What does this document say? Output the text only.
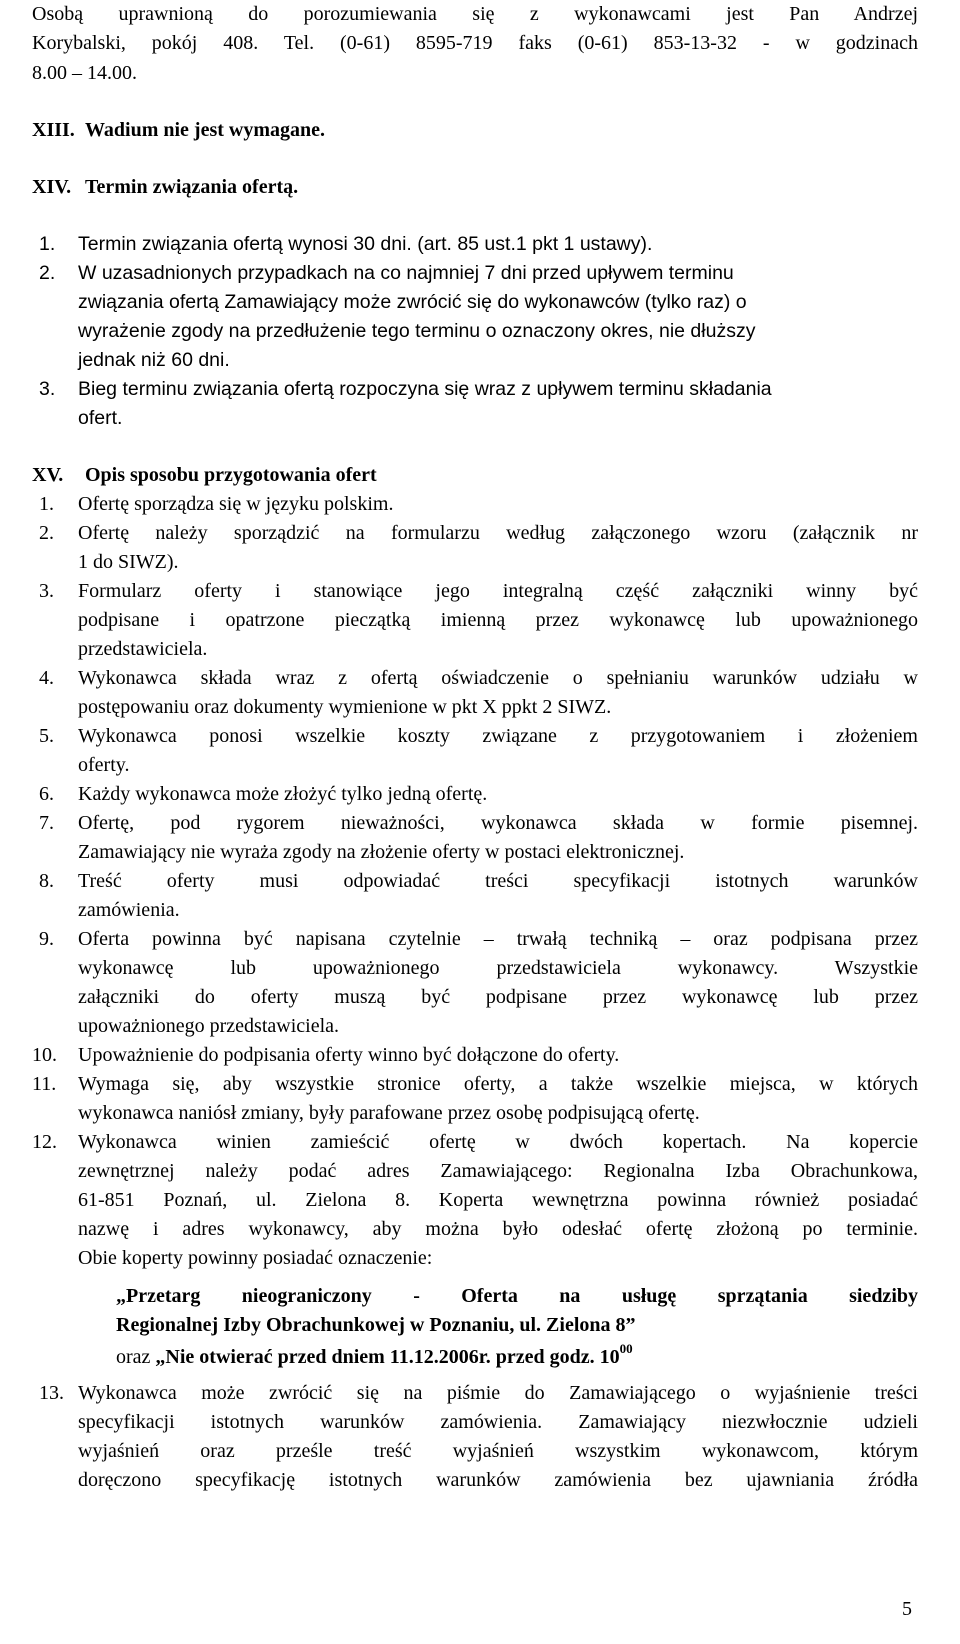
Osobą uprawnioną do porozumiewania się z wykonawcami jest Pan Andrzej
Korybalski, pokój 408. Tel. (0-61) 8595-719 faks (0-61) 853-13-32 - w godzinach
8.00 – 14.00.
XIII. Wadium nie jest wymagane.
XIV. Termin związania ofertą.
1. Termin związania ofertą wynosi 30 dni. (art. 85 ust.1 pkt 1 ustawy).
2. W uzasadnionych przypadkach na co najmniej 7 dni przed upływem terminu
związania ofertą Zamawiający może zwrócić się do wykonawców (tylko raz) o
wyrażenie zgody na przedłużenie tego terminu o oznaczony okres, nie dłuższy
jednak niż 60 dni.
3. Bieg terminu związania ofertą rozpoczyna się wraz z upływem terminu składania
ofert.
XV. Opis sposobu przygotowania ofert
1. Ofertę sporządza się w języku polskim.
2. Ofertę należy sporządzić na formularzu według załączonego wzoru (załącznik nr
1 do SIWZ).
3. Formularz oferty i stanowiące jego integralną część załączniki winny być
podpisane i opatrzone pieczątką imienną przez wykonawcę lub upoważnionego
przedstawiciela.
4. Wykonawca składa wraz z ofertą oświadczenie o spełnianiu warunków udziału w
postępowaniu oraz dokumenty wymienione w pkt X ppkt 2 SIWZ.
5. Wykonawca ponosi wszelkie koszty związane z przygotowaniem i złożeniem
oferty.
6. Każdy wykonawca może złożyć tylko jedną ofertę.
7. Ofertę, pod rygorem nieważności, wykonawca składa w formie pisemnej.
Zamawiający nie wyraża zgody na złożenie oferty w postaci elektronicznej.
8. Treść oferty musi odpowiadać treści specyfikacji istotnych warunków
zamówienia.
9. Oferta powinna być napisana czytelnie – trwałą techniką – oraz podpisana przez
wykonawcę lub upoważnionego przedstawiciela wykonawcy. Wszystkie
załączniki do oferty muszą być podpisane przez wykonawcę lub przez
upoważnionego przedstawiciela.
10. Upoważnienie do podpisania oferty winno być dołączone do oferty.
11. Wymaga się, aby wszystkie stronice oferty, a także wszelkie miejsca, w których
wykonawca naniósł zmiany, były parafowane przez osobę podpisującą ofertę.
12. Wykonawca winien zamieścić ofertę w dwóch kopertach. Na kopercie
zewnętrznej należy podać adres Zamawiającego: Regionalna Izba Obrachunkowa,
61-851 Poznań, ul. Zielona 8. Koperta wewnętrzna powinna również posiadać
nazwę i adres wykonawcy, aby można było odesłać ofertę złożoną po terminie.
Obie koperty powinny posiadać oznaczenie:
„Przetarg nieograniczony - Oferta na usługę sprzątania siedziby
Regionalnej Izby Obrachunkowej w Poznaniu, ul. Zielona 8”
oraz „Nie otwierać przed dniem 11.12.2006r. przed godz. $10^{00}$
13. Wykonawca może zwrócić się na piśmie do Zamawiającego o wyjaśnienie treści
specyfikacji istotnych warunków zamówienia. Zamawiający niezwłocznie udzieli
wyjaśnień oraz prześle treść wyjaśnień wszystkim wykonawcom, którym
doręczono specyfikację istotnych warunków zamówienia bez ujawniania źródła
5
